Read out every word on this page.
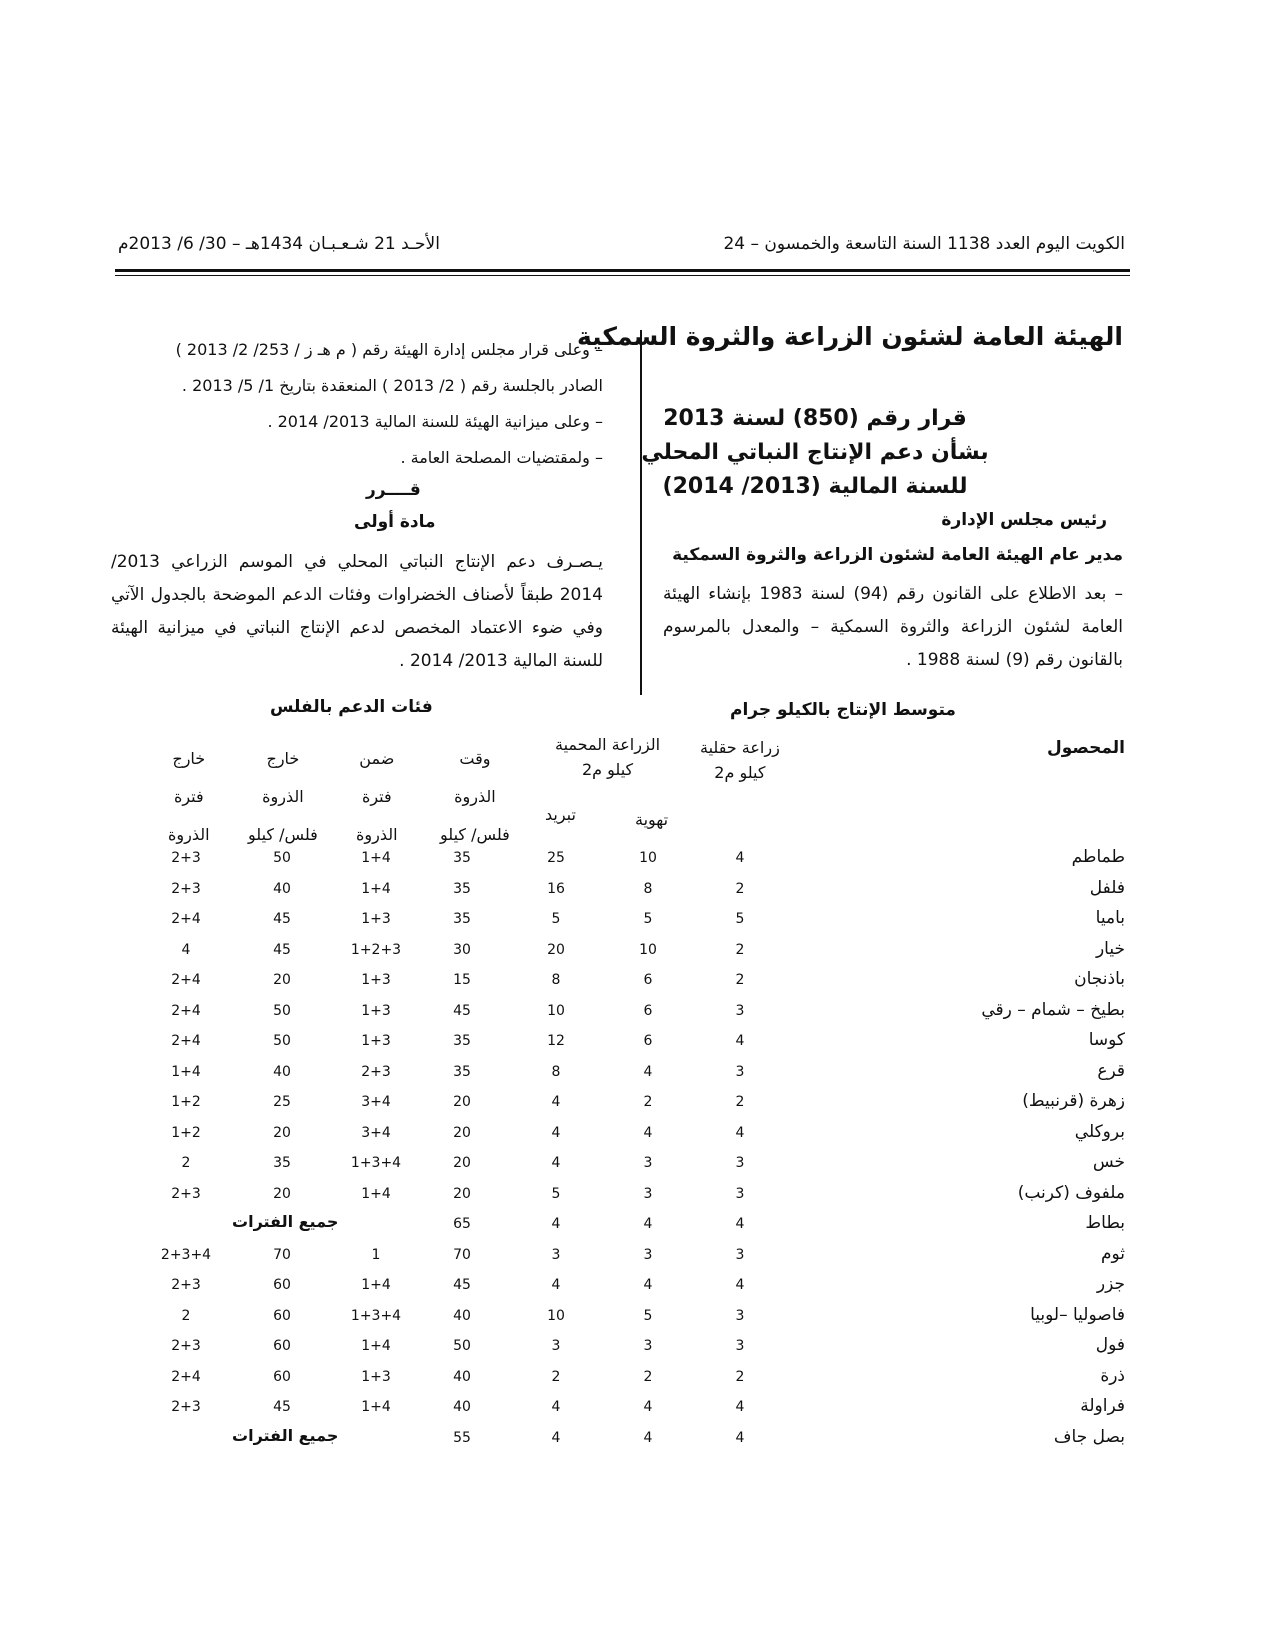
الكويت اليوم العدد 1138 السنة التاسعة والخمسون – 24
الأحـد 21 شـعـبـان 1434هـ – 30/ 6/ 2013م
الهيئة العامة لشئون الزراعة والثروة السمكية
قرار رقم (850) لسنة 2013
بشأن دعم الإنتاج النباتي المحلي
للسنة المالية (2013/ 2014)
رئيس مجلس الإدارة
مدير عام الهيئة العامة لشئون الزراعة والثروة السمكية
– بعد الاطلاع على القانون رقم (94) لسنة 1983 بإنشاء الهيئة العامة لشئون الزراعة والثروة السمكية – والمعدل بالمرسوم بالقانون رقم (9) لسنة 1988 .
– وعلى قرار مجلس إدارة الهيئة رقم ( م هـ ز / 253/ 2/ 2013 )
الصادر بالجلسة رقم ( 2/ 2013 ) المنعقدة بتاريخ 1/ 5/ 2013 .
– وعلى ميزانية الهيئة للسنة المالية 2013/ 2014 .
– ولمقتضيات المصلحة العامة .
قــــرر
مادة أولى
يـصـرف دعم الإنتاج النباتي المحلي في الموسم الزراعي 2013/ 2014 طبقاً لأصناف الخضراوات وفئات الدعم الموضحة بالجدول الآتي وفي ضوء الاعتماد المخصص لدعم الإنتاج النباتي في ميزانية الهيئة للسنة المالية 2013/ 2014 .
متوسط الإنتاج بالكيلو جرام
فئات الدعم بالفلس
المحصول
زراعة حقلية
كيلو م2
الزراعة المحمية
كيلو م2
تهوية
تبريد
وقت
الذروة
فلس/ كيلو
ضمن
فترة
الذروة
خارج
الذروة
فلس/ كيلو
خارج
فترة
الذروة
طماطم
4
10
25
35
1+4
50
2+3
فلفل
2
8
16
35
1+4
40
2+3
باميا
5
5
5
35
1+3
45
2+4
خيار
2
10
20
30
1+2+3
45
4
باذنجان
2
6
8
15
1+3
20
2+4
بطيخ – شمام – رقي
3
6
10
45
1+3
50
2+4
كوسا
4
6
12
35
1+3
50
2+4
قرع
3
4
8
35
2+3
40
1+4
زهرة (قرنبيط)
2
2
4
20
3+4
25
1+2
بروكلي
4
4
4
20
3+4
20
1+2
خس
3
3
4
20
1+3+4
35
2
ملفوف (كرنب)
3
3
5
20
1+4
20
2+3
بطاط
4
4
4
65
جميع الفترات
ثوم
3
3
3
70
1
70
2+3+4
جزر
4
4
4
45
1+4
60
2+3
فاصوليا –لوبيا
3
5
10
40
1+3+4
60
2
فول
3
3
3
50
1+4
60
2+3
ذرة
2
2
2
40
1+3
60
2+4
فراولة
4
4
4
40
1+4
45
2+3
بصل جاف
4
4
4
55
جميع الفترات
